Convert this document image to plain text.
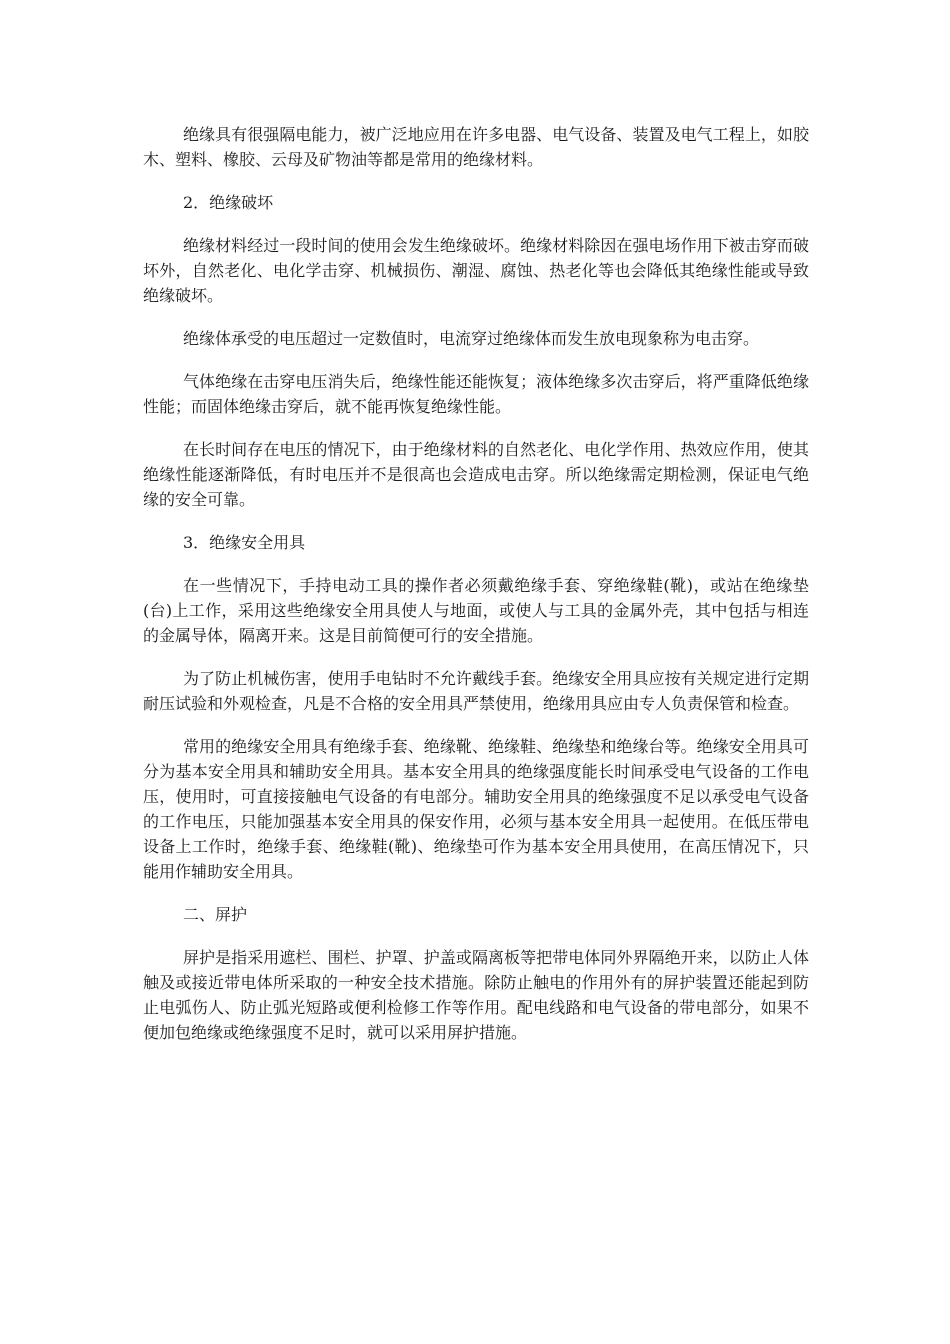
绝缘具有很强隔电能力，被广泛地应用在许多电器、电气设备、装置及电气工程上，如胶木、塑料、橡胶、云母及矿物油等都是常用的绝缘材料。

2．绝缘破坏

绝缘材料经过一段时间的使用会发生绝缘破坏。绝缘材料除因在强电场作用下被击穿而破坏外，自然老化、电化学击穿、机械损伤、潮湿、腐蚀、热老化等也会降低其绝缘性能或导致绝缘破坏。

绝缘体承受的电压超过一定数值时，电流穿过绝缘体而发生放电现象称为电击穿。

气体绝缘在击穿电压消失后，绝缘性能还能恢复；液体绝缘多次击穿后，将严重降低绝缘性能；而固体绝缘击穿后，就不能再恢复绝缘性能。

在长时间存在电压的情况下，由于绝缘材料的自然老化、电化学作用、热效应作用，使其绝缘性能逐渐降低，有时电压并不是很高也会造成电击穿。所以绝缘需定期检测，保证电气绝缘的安全可靠。

3．绝缘安全用具

在一些情况下，手持电动工具的操作者必须戴绝缘手套、穿绝缘鞋(靴)，或站在绝缘垫(台)上工作，采用这些绝缘安全用具使人与地面，或使人与工具的金属外壳，其中包括与相连的金属导体，隔离开来。这是目前简便可行的安全措施。

为了防止机械伤害，使用手电钻时不允许戴线手套。绝缘安全用具应按有关规定进行定期耐压试验和外观检查，凡是不合格的安全用具严禁使用，绝缘用具应由专人负责保管和检查。

常用的绝缘安全用具有绝缘手套、绝缘靴、绝缘鞋、绝缘垫和绝缘台等。绝缘安全用具可分为基本安全用具和辅助安全用具。基本安全用具的绝缘强度能长时间承受电气设备的工作电压，使用时，可直接接触电气设备的有电部分。辅助安全用具的绝缘强度不足以承受电气设备的工作电压，只能加强基本安全用具的保安作用，必须与基本安全用具一起使用。在低压带电设备上工作时，绝缘手套、绝缘鞋(靴)、绝缘垫可作为基本安全用具使用，在高压情况下，只能用作辅助安全用具。

二、屏护

屏护是指采用遮栏、围栏、护罩、护盖或隔离板等把带电体同外界隔绝开来，以防止人体触及或接近带电体所采取的一种安全技术措施。除防止触电的作用外有的屏护装置还能起到防止电弧伤人、防止弧光短路或便利检修工作等作用。配电线路和电气设备的带电部分，如果不便加包绝缘或绝缘强度不足时，就可以采用屏护措施。
